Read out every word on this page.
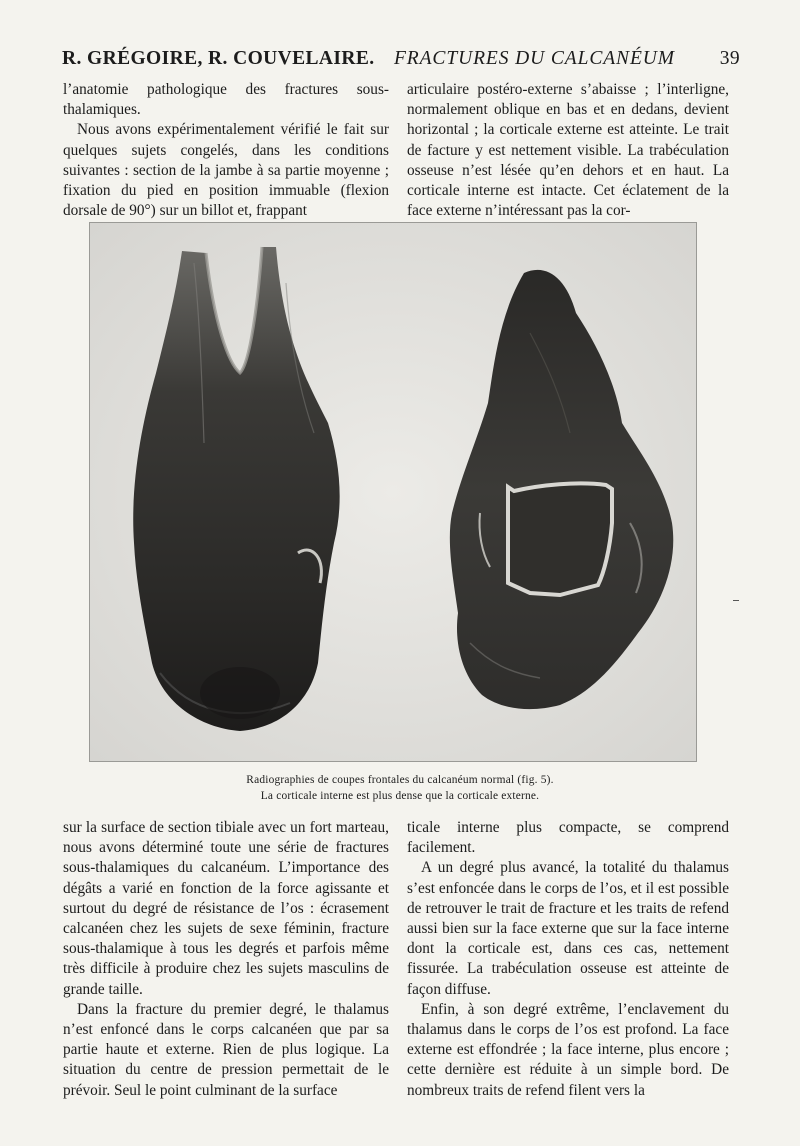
R. GRÉGOIRE, R. COUVELAIRE. FRACTURES DU CALCANÉUM 39

l’anatomie pathologique des fractures sous-thalamiques.

Nous avons expérimentalement vérifié le fait sur quelques sujets congelés, dans les conditions suivantes : section de la jambe à sa partie moyenne ; fixation du pied en position immuable (flexion dorsale de 90°) sur un billot et, frappant

articulaire postéro-externe s’abaisse ; l’interligne, normalement oblique en bas et en dedans, devient horizontal ; la corticale externe est atteinte. Le trait de facture y est nettement visible. La trabéculation osseuse n’est lésée qu’en dehors et en haut. La corticale interne est intacte. Cet éclatement de la face externe n’intéressant pas la cor-

Radiographies de coupes frontales du calcanéum normal (fig. 5).
La corticale interne est plus dense que la corticale externe.

sur la surface de section tibiale avec un fort marteau, nous avons déterminé toute une série de fractures sous-thalamiques du calcanéum. L’importance des dégâts a varié en fonction de la force agissante et surtout du degré de résistance de l’os : écrasement calcanéen chez les sujets de sexe féminin, fracture sous-thalamique à tous les degrés et parfois même très difficile à produire chez les sujets masculins de grande taille.

Dans la fracture du premier degré, le thalamus n’est enfoncé dans le corps calcanéen que par sa partie haute et externe. Rien de plus logique. La situation du centre de pression permettait de le prévoir. Seul le point culminant de la surface

ticale interne plus compacte, se comprend facilement.

A un degré plus avancé, la totalité du thalamus s’est enfoncée dans le corps de l’os, et il est possible de retrouver le trait de fracture et les traits de refend aussi bien sur la face externe que sur la face interne dont la corticale est, dans ces cas, nettement fissurée. La trabéculation osseuse est atteinte de façon diffuse.

Enfin, à son degré extrême, l’enclavement du thalamus dans le corps de l’os est profond. La face externe est effondrée ; la face interne, plus encore ; cette dernière est réduite à un simple bord. De nombreux traits de refend filent vers la
